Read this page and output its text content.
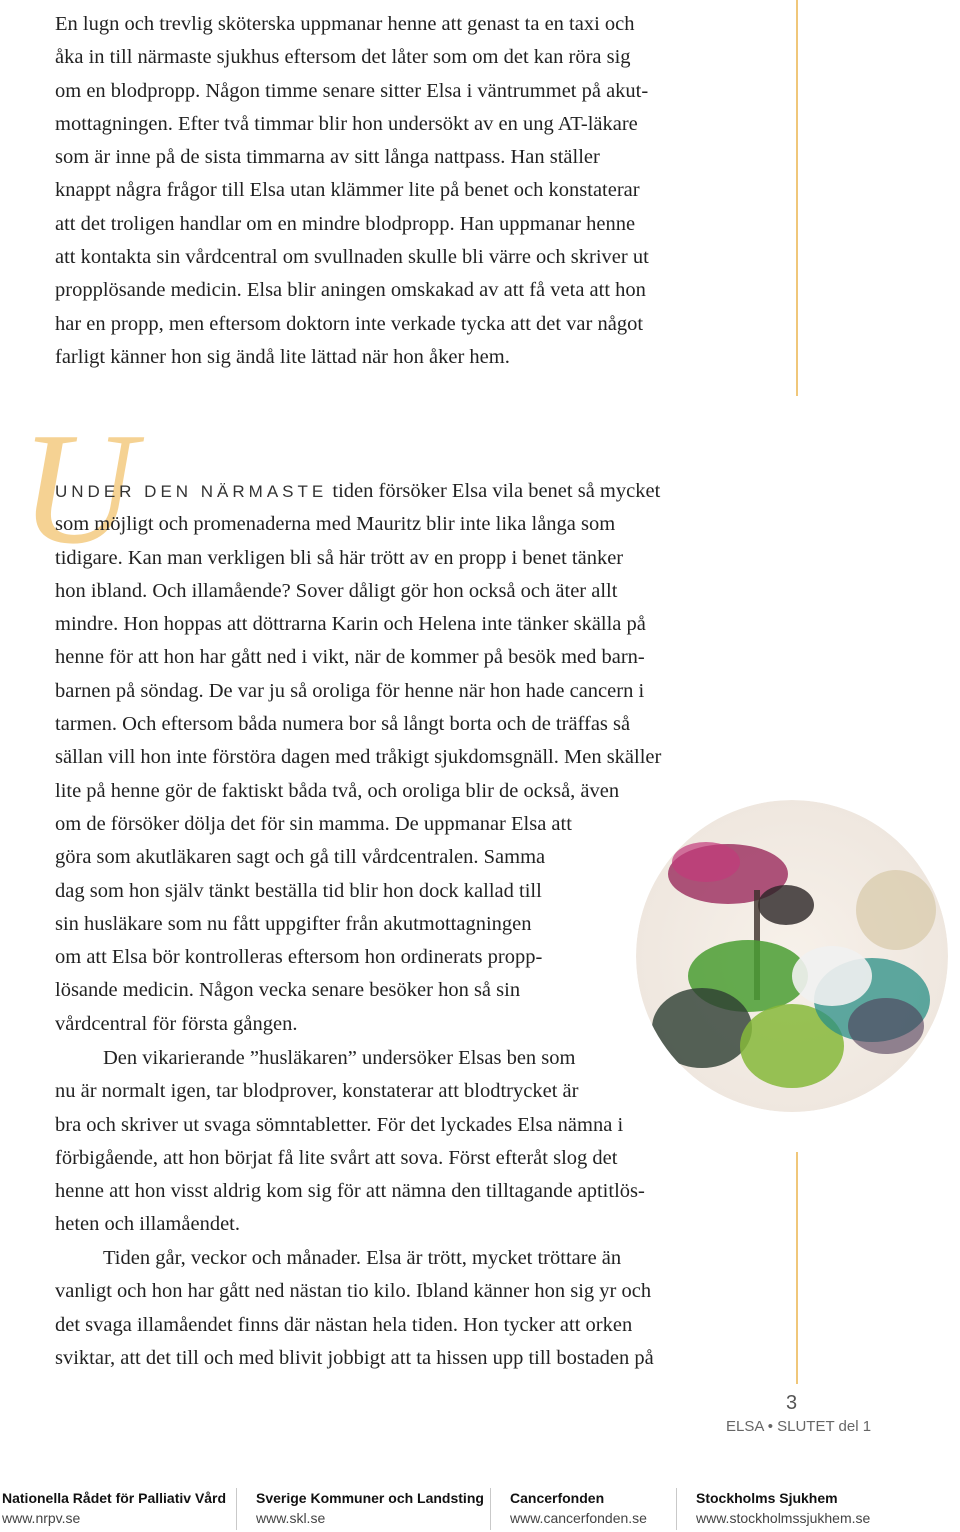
En lugn och trevlig sköterska uppmanar henne att genast ta en taxi och
åka in till närmaste sjukhus eftersom det låter som om det kan röra sig
om en blodpropp. Någon timme senare sitter Elsa i väntrummet på akut-
mottagningen. Efter två timmar blir hon undersökt av en ung AT-läkare
som är inne på de sista timmarna av sitt långa nattpass. Han ställer
knappt några frågor till Elsa utan klämmer lite på benet och konstaterar
att det troligen handlar om en mindre blodpropp. Han uppmanar henne
att kontakta sin vårdcentral om svullnaden skulle bli värre och skriver ut
propplösande medicin. Elsa blir aningen omskakad av att få veta att hon
har en propp, men eftersom doktorn inte verkade tycka att det var något
farligt känner hon sig ändå lite lättad när hon åker hem.
U
UNDER DEN NÄRMASTE tiden försöker Elsa vila benet så mycket
som möjligt och promenaderna med Mauritz blir inte lika långa som
tidigare. Kan man verkligen bli så här trött av en propp i benet tänker
hon ibland. Och illamående? Sover dåligt gör hon också och äter allt
mindre. Hon hoppas att döttrarna Karin och Helena inte tänker skälla på
henne för att hon har gått ned i vikt, när de kommer på besök med barn-
barnen på söndag. De var ju så oroliga för henne när hon hade cancern i
tarmen. Och eftersom båda numera bor så långt borta och de träffas så
sällan vill hon inte förstöra dagen med tråkigt sjukdomsgnäll. Men skäller
lite på henne gör de faktiskt båda två, och oroliga blir de också, även
om de försöker dölja det för sin mamma. De uppmanar Elsa att
göra som akutläkaren sagt och gå till vårdcentralen. Samma
dag som hon själv tänkt beställa tid blir hon dock kallad till
sin husläkare som nu fått uppgifter från akutmottagningen
om att Elsa bör kontrolleras eftersom hon ordinerats propp-
lösande medicin. Någon vecka senare besöker hon så sin
vårdcentral för första gången.
Den vikarierande ”husläkaren” undersöker Elsas ben som
nu är normalt igen, tar blodprover, konstaterar att blodtrycket är
bra och skriver ut svaga sömntabletter. För det lyckades Elsa nämna i
förbigående, att hon börjat få lite svårt att sova. Först efteråt slog det
henne att hon visst aldrig kom sig för att nämna den tilltagande aptitlös-
heten och illamåendet.
Tiden går, veckor och månader. Elsa är trött, mycket tröttare än
vanligt och hon har gått ned nästan tio kilo. Ibland känner hon sig yr och
det svaga illamåendet finns där nästan hela tiden. Hon tycker att orken
sviktar, att det till och med blivit jobbigt att ta hissen upp till bostaden på
3
ELSA • SLUTET del 1
Nationella Rådet för Palliativ Vård
www.nrpv.se
Sverige Kommuner och Landsting
www.skl.se
Cancerfonden
www.cancerfonden.se
Stockholms Sjukhem
www.stockholmssjukhem.se
